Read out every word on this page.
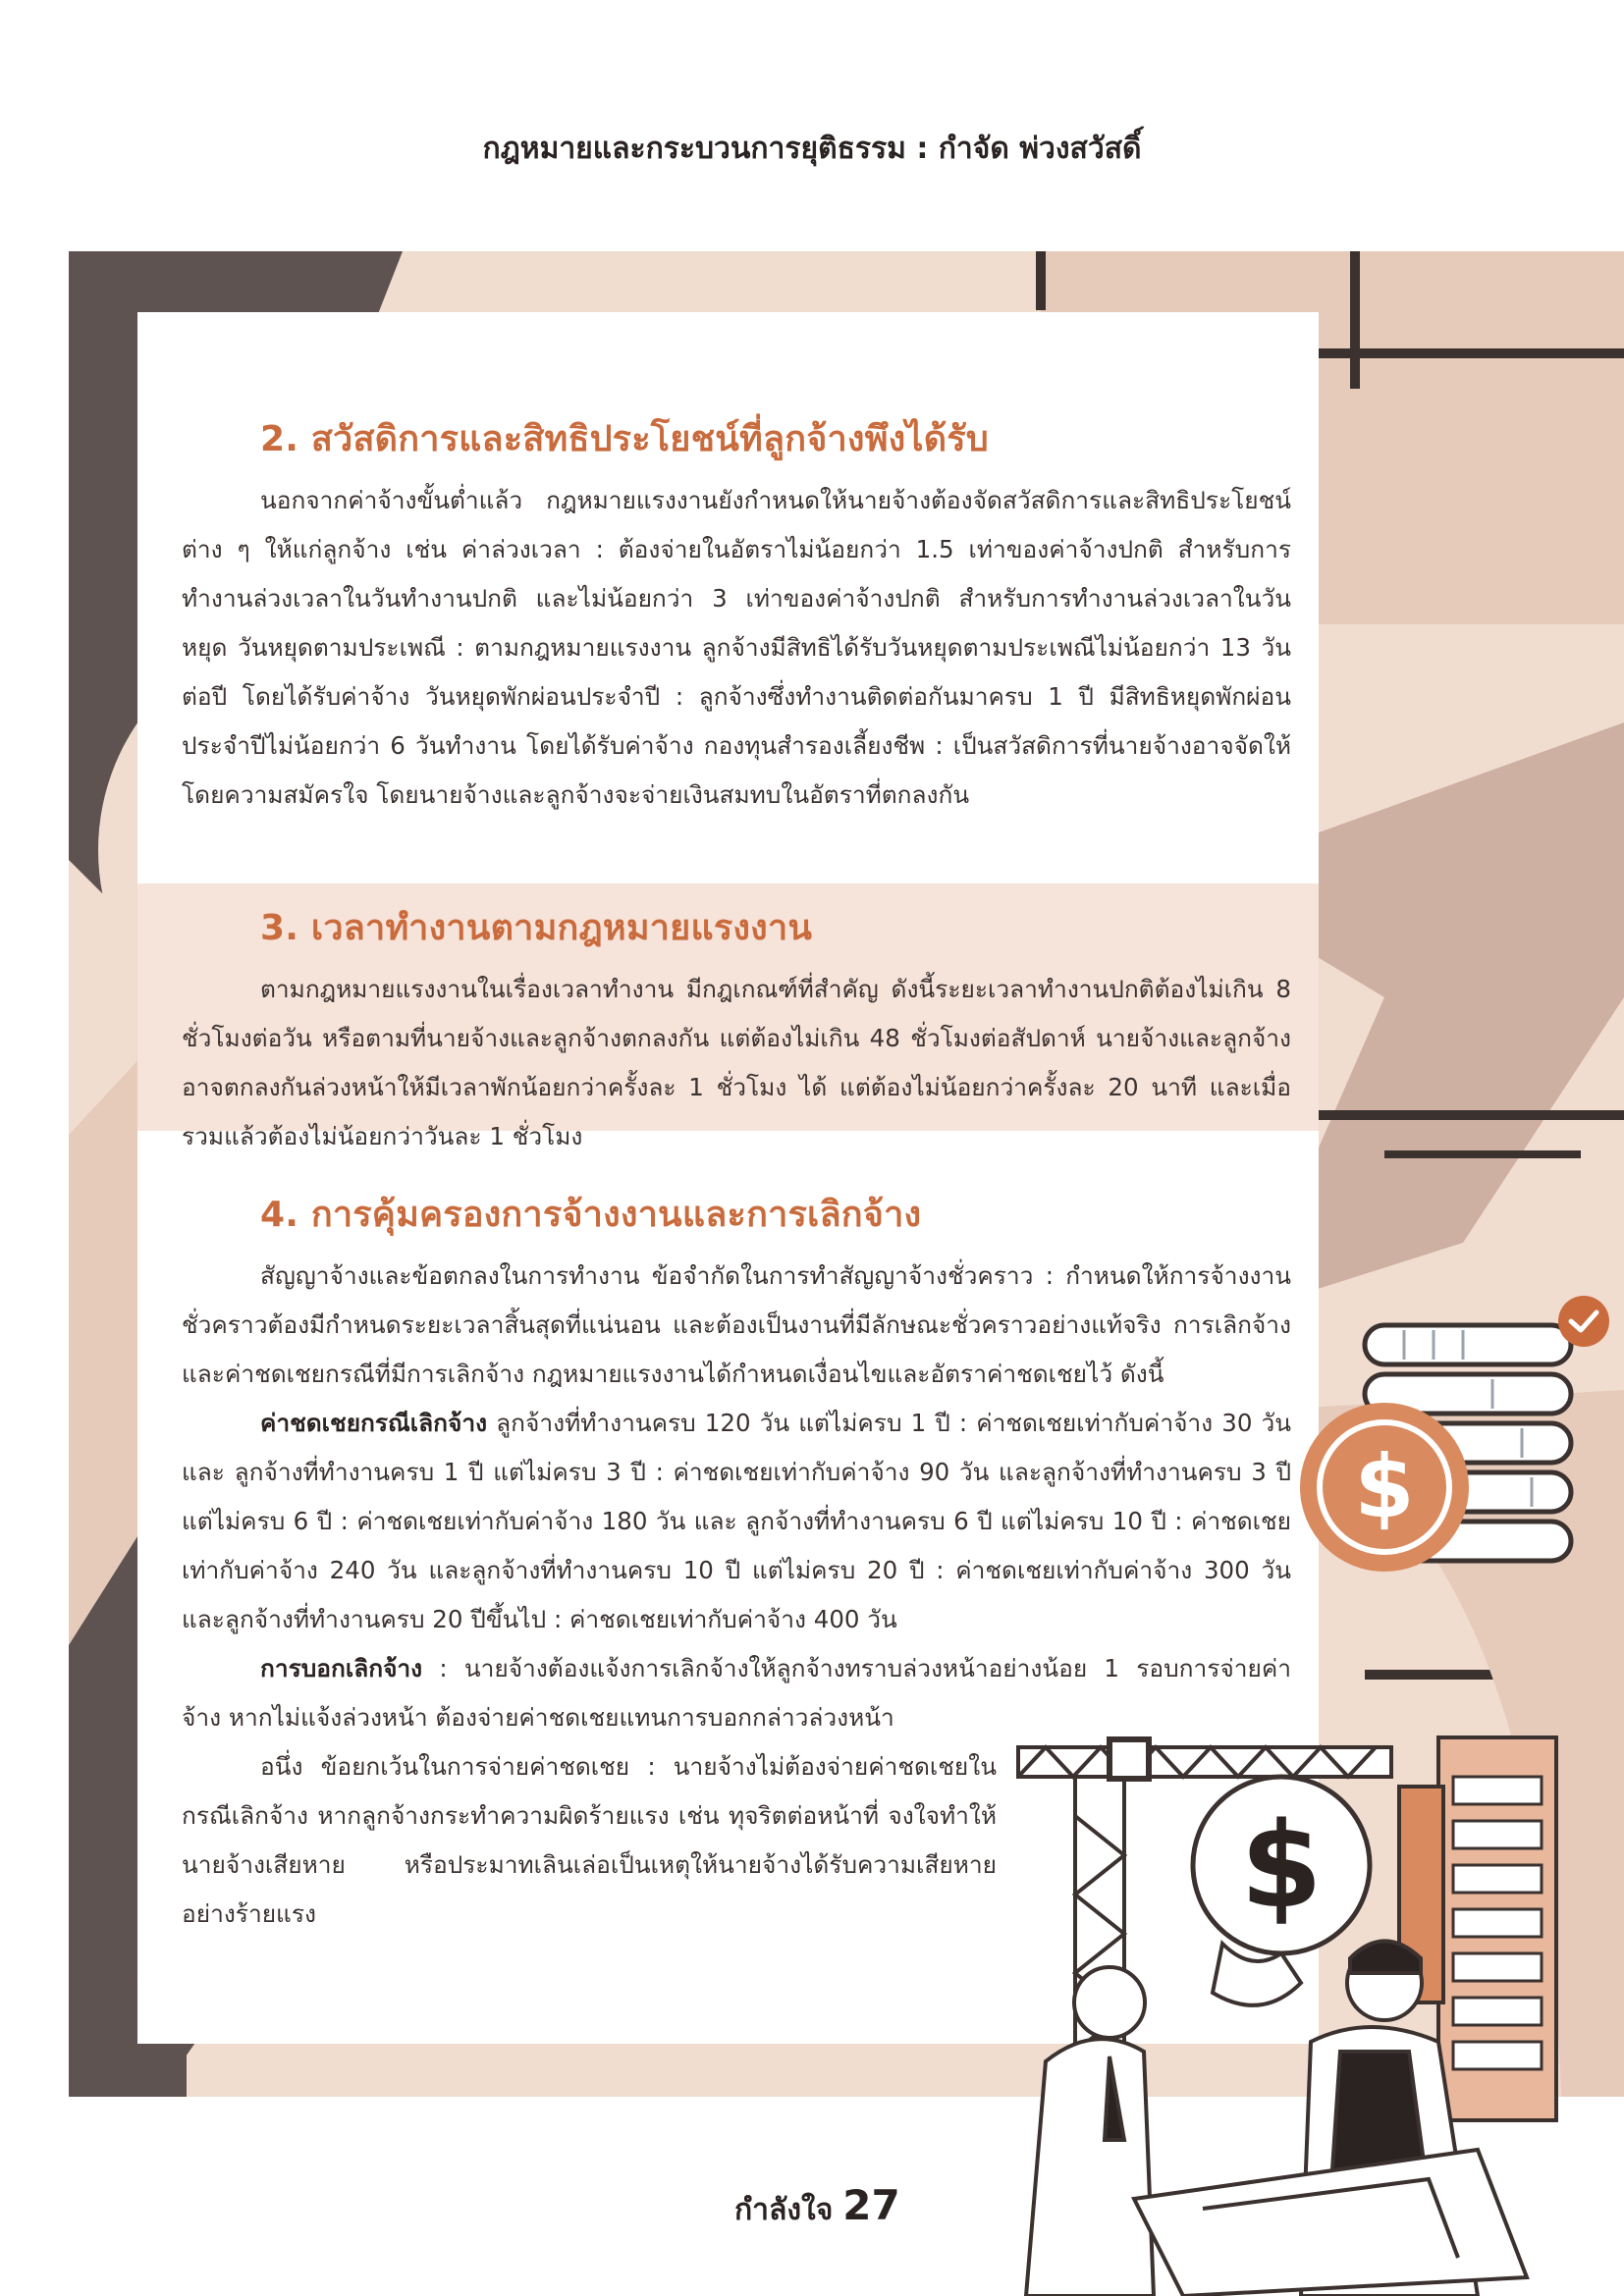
กฎหมายและกระบวนการยุติธรรม : กำจัด พ่วงสวัสดิ์
2. สวัสดิการและสิทธิประโยชน์ที่ลูกจ้างพึงได้รับ

นอกจากค่าจ้างขั้นต่ำแล้ว กฎหมายแรงงานยังกำหนดให้นายจ้างต้องจัดสวัสดิการและสิทธิประโยชน์ต่าง ๆ ให้แก่ลูกจ้าง เช่น ค่าล่วงเวลา : ต้องจ่ายในอัตราไม่น้อยกว่า 1.5 เท่าของค่าจ้างปกติ สำหรับการทำงานล่วงเวลาในวันทำงานปกติ และไม่น้อยกว่า 3 เท่าของค่าจ้างปกติ สำหรับการทำงานล่วงเวลาในวันหยุด วันหยุดตามประเพณี : ตามกฎหมายแรงงาน ลูกจ้างมีสิทธิได้รับวันหยุดตามประเพณีไม่น้อยกว่า 13 วันต่อปี โดยได้รับค่าจ้าง วันหยุดพักผ่อนประจำปี : ลูกจ้างซึ่งทำงานติดต่อกันมาครบ 1 ปี มีสิทธิหยุดพักผ่อนประจำปีไม่น้อยกว่า 6 วันทำงาน โดยได้รับค่าจ้าง กองทุนสำรองเลี้ยงชีพ : เป็นสวัสดิการที่นายจ้างอาจจัดให้โดยความสมัครใจ โดยนายจ้างและลูกจ้างจะจ่ายเงินสมทบในอัตราที่ตกลงกัน

3. เวลาทำงานตามกฎหมายแรงงาน

ตามกฎหมายแรงงานในเรื่องเวลาทำงาน มีกฎเกณฑ์ที่สำคัญ ดังนี้ระยะเวลาทำงานปกติต้องไม่เกิน 8 ชั่วโมงต่อวัน หรือตามที่นายจ้างและลูกจ้างตกลงกัน แต่ต้องไม่เกิน 48 ชั่วโมงต่อสัปดาห์ นายจ้างและลูกจ้างอาจตกลงกันล่วงหน้าให้มีเวลาพักน้อยกว่าครั้งละ 1 ชั่วโมง ได้ แต่ต้องไม่น้อยกว่าครั้งละ 20 นาที และเมื่อรวมแล้วต้องไม่น้อยกว่าวันละ 1 ชั่วโมง

4. การคุ้มครองการจ้างงานและการเลิกจ้าง

สัญญาจ้างและข้อตกลงในการทำงาน ข้อจำกัดในการทำสัญญาจ้างชั่วคราว : กำหนดให้การจ้างงานชั่วคราวต้องมีกำหนดระยะเวลาสิ้นสุดที่แน่นอน และต้องเป็นงานที่มีลักษณะชั่วคราวอย่างแท้จริง การเลิกจ้างและค่าชดเชยกรณีที่มีการเลิกจ้าง กฎหมายแรงงานได้กำหนดเงื่อนไขและอัตราค่าชดเชยไว้ ดังนี้

ค่าชดเชยกรณีเลิกจ้าง ลูกจ้างที่ทำงานครบ 120 วัน แต่ไม่ครบ 1 ปี : ค่าชดเชยเท่ากับค่าจ้าง 30 วัน และ ลูกจ้างที่ทำงานครบ 1 ปี แต่ไม่ครบ 3 ปี : ค่าชดเชยเท่ากับค่าจ้าง 90 วัน และลูกจ้างที่ทำงานครบ 3 ปี แต่ไม่ครบ 6 ปี : ค่าชดเชยเท่ากับค่าจ้าง 180 วัน และ ลูกจ้างที่ทำงานครบ 6 ปี แต่ไม่ครบ 10 ปี : ค่าชดเชยเท่ากับค่าจ้าง 240 วัน และลูกจ้างที่ทำงานครบ 10 ปี แต่ไม่ครบ 20 ปี : ค่าชดเชยเท่ากับค่าจ้าง 300 วัน และลูกจ้างที่ทำงานครบ 20 ปีขึ้นไป : ค่าชดเชยเท่ากับค่าจ้าง 400 วัน

การบอกเลิกจ้าง : นายจ้างต้องแจ้งการเลิกจ้างให้ลูกจ้างทราบล่วงหน้าอย่างน้อย 1 รอบการจ่ายค่าจ้าง หากไม่แจ้งล่วงหน้า ต้องจ่ายค่าชดเชยแทนการบอกกล่าวล่วงหน้า

อนึ่ง ข้อยกเว้นในการจ่ายค่าชดเชย : นายจ้างไม่ต้องจ่ายค่าชดเชยในกรณีเลิกจ้าง หากลูกจ้างกระทำความผิดร้ายแรง เช่น ทุจริตต่อหน้าที่ จงใจทำให้นายจ้างเสียหาย หรือประมาทเลินเล่อเป็นเหตุให้นายจ้างได้รับความเสียหายอย่างร้ายแรง

$
$
กำลังใจ 27
